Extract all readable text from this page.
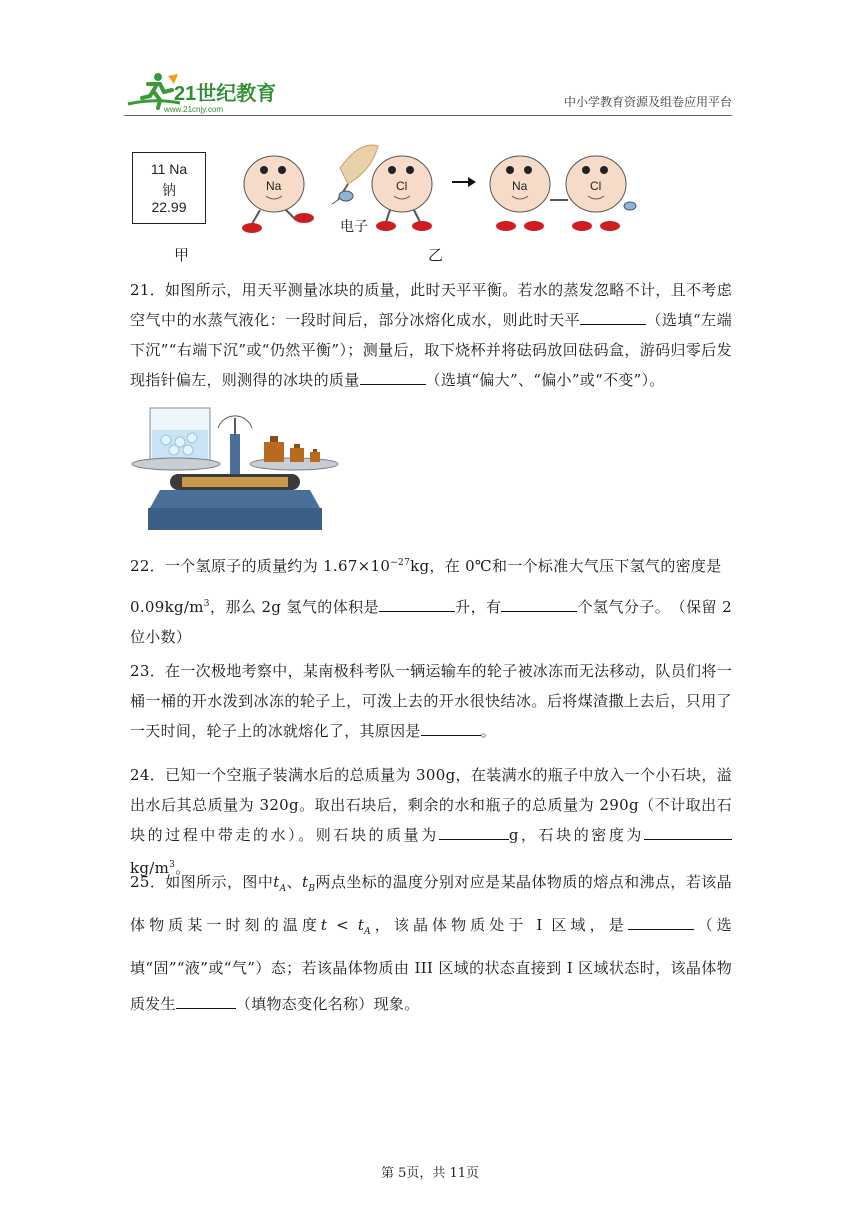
21世纪教育
www.21cnjy.com
中小学教育资源及组卷应用平台
11 Na
钠
22.99
Na	Cl	Na	Cl
电子
甲	乙

21．如图所示，用天平测量冰块的质量，此时天平平衡。若水的蒸发忽略不计，且不考虑空气中的水蒸气液化：一段时间后，部分冰熔化成水，则此时天平	（选填“左端下沉”“右端下沉”或“仍然平衡”）；测量后，取下烧杯并将砝码放回砝码盒，游码归零后发现指针偏左，则测得的冰块的质量	（选填“偏大”、“偏小”或“不变”）。

22．一个氢原子的质量约为 $1.67\times 10^{-27}kg$，在 0℃和一个标准大气压下氢气的密度是

$0.09kg/m^3$，那么 2g 氢气的体积是	升，有	个氢气分子。　（保留 2 位小数）

23．在一次极地考察中，某南极科考队一辆运输车的轮子被冰冻而无法移动，队员们将一桶一桶的开水泼到冰冻的轮子上，可泼上去的开水很快结冰。后将煤渣撒上去后，只用了一天时间，轮子上的冰就熔化了，其原因是	。

24．已知一个空瓶子装满水后的总质量为 300g，在装满水的瓶子中放入一个小石块，溢出水后其总质量为 320g。取出石块后，剩余的水和瓶子的总质量为 290g（不计取出石块的过程中带走的水）。则石块的质量为	g，石块的密度为$kg/m^3$。

25．如图所示，图中$t_A$、$t_B$两点坐标的温度分别对应是某晶体物质的熔点和沸点，若该晶体物质某一时刻的温度$t < t_A$，该晶体物质处于 I 区域，是	（选填“固”“液”或“气”）态；若该晶体物质由 III 区域的状态直接到 I 区域状态时，该晶体物质发生	（填物态变化名称）现象。

第 5页，共 11页
